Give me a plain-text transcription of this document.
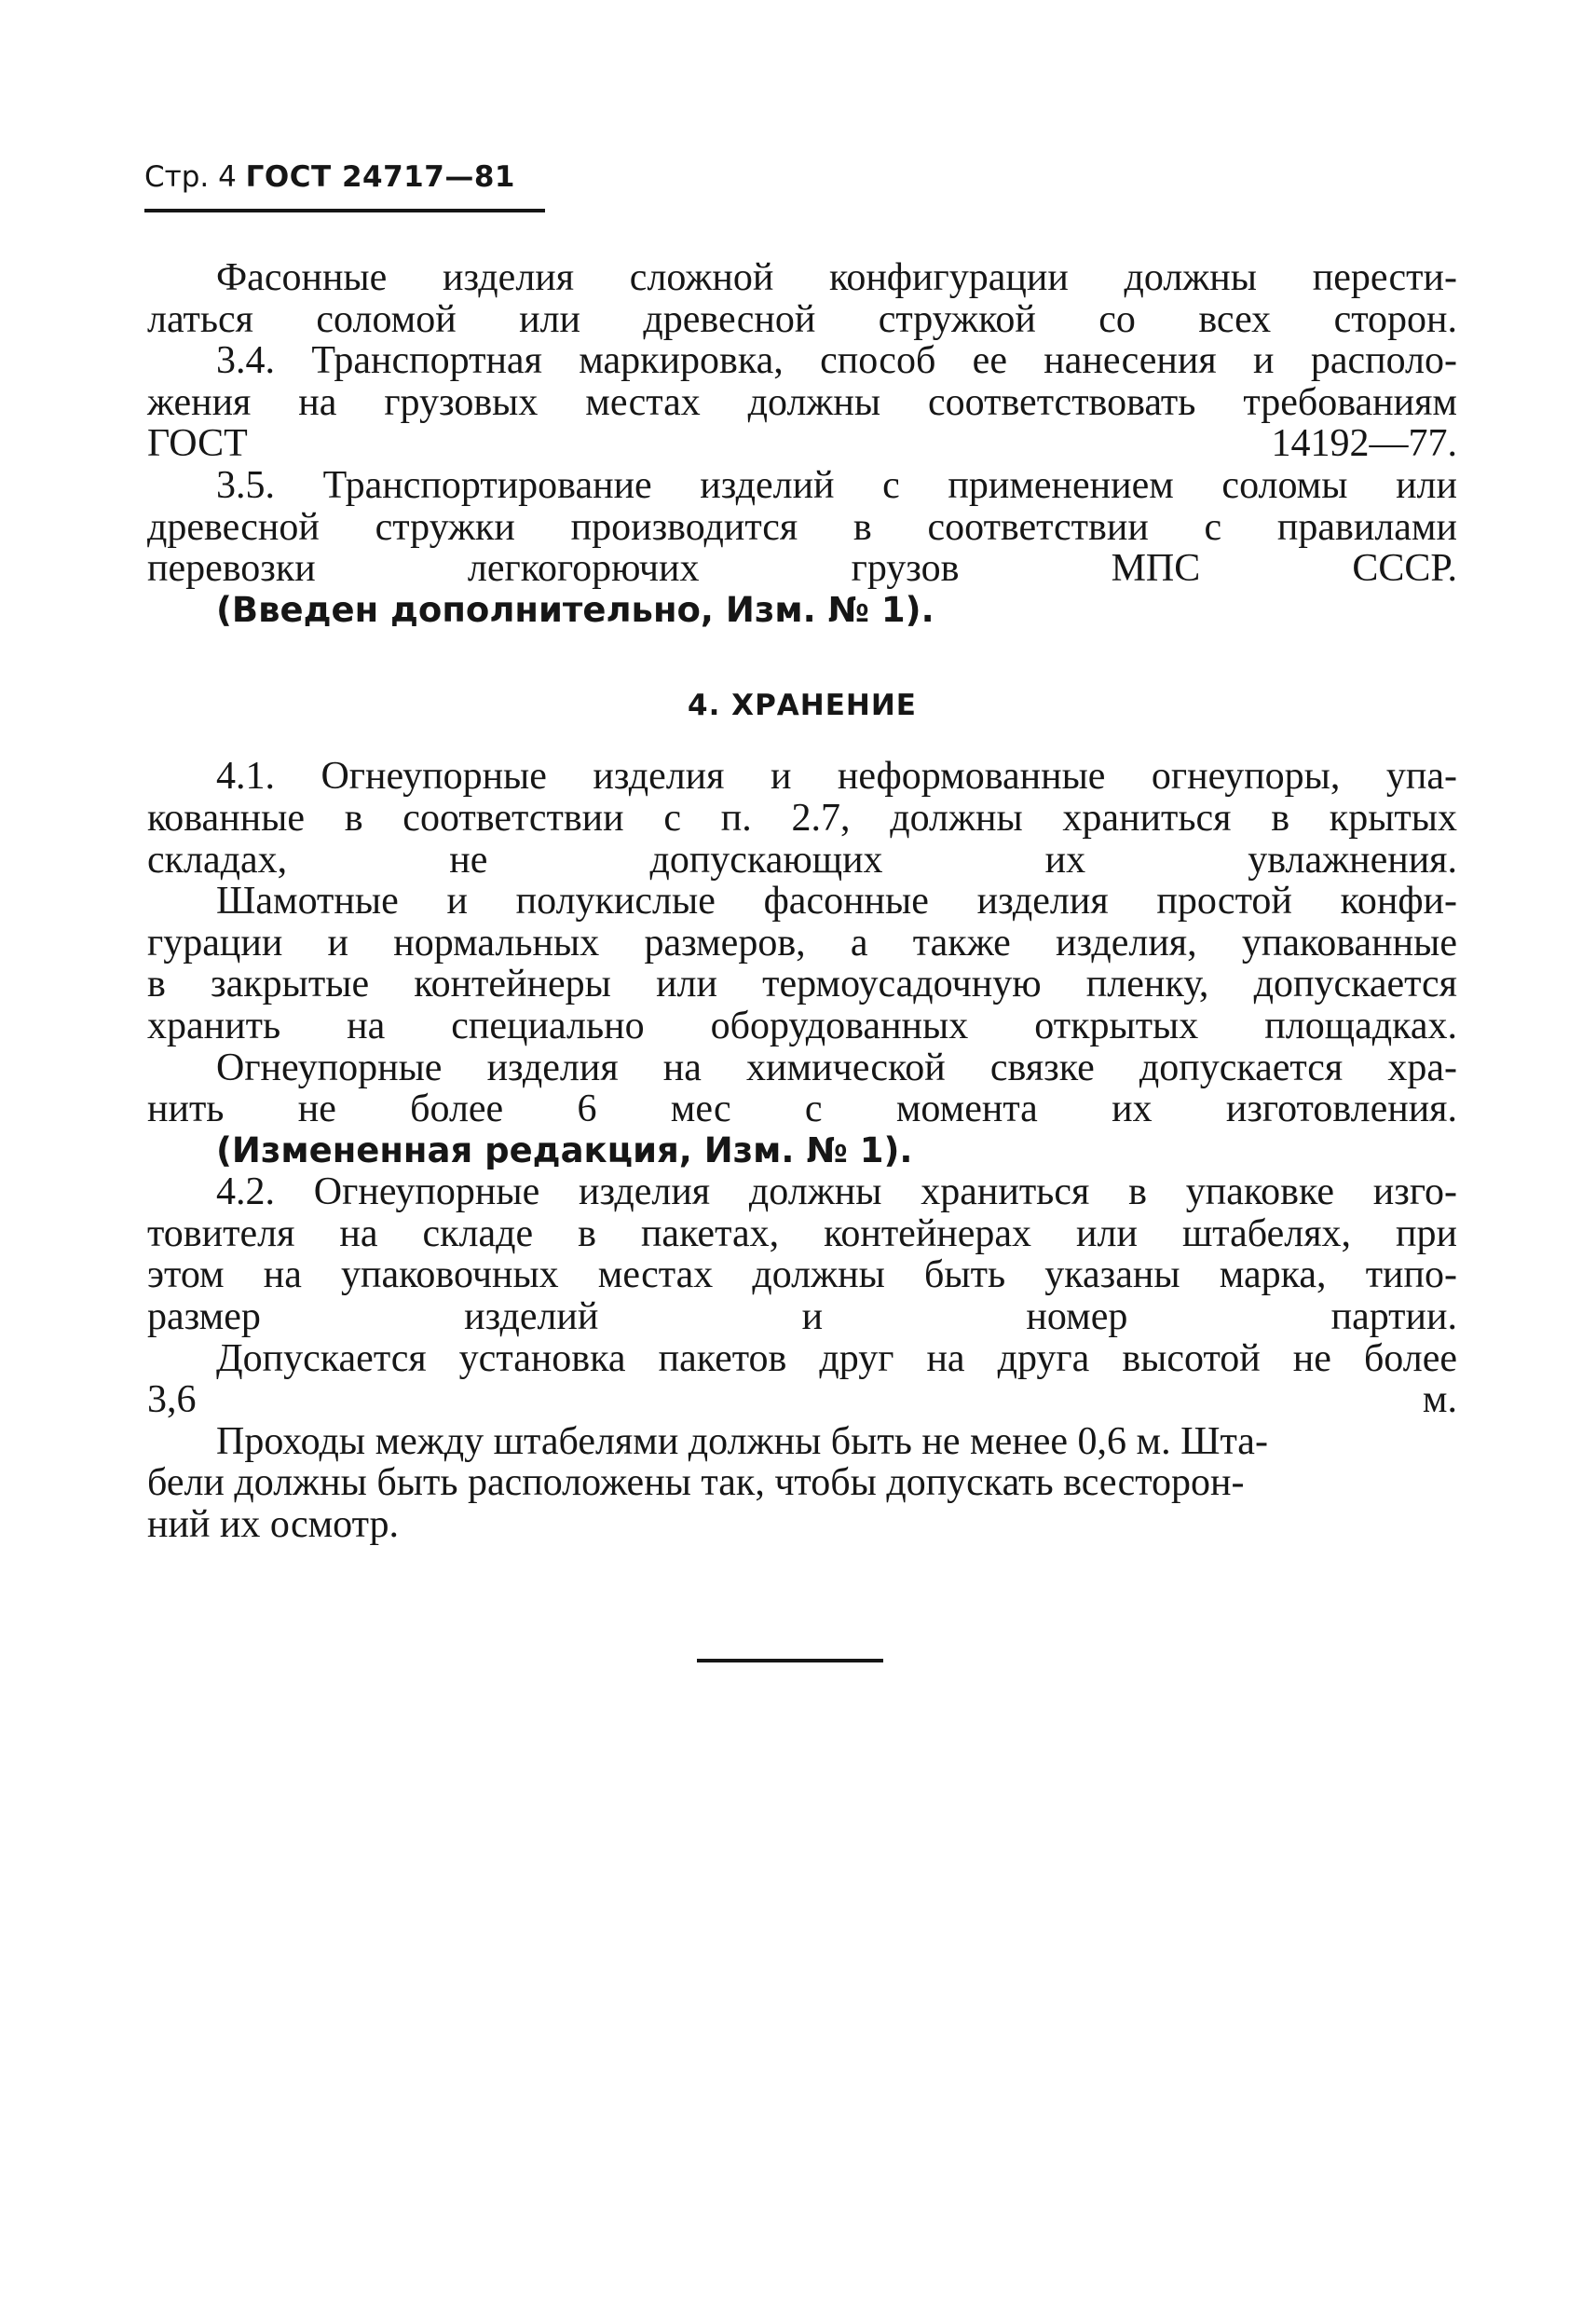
Стр. 4 ГОСТ 24717—81

Фасонные изделия сложной конфигурации должны перести-
латься соломой или древесной стружкой со всех сторон.

3.4. Транспортная маркировка, способ ее нанесения и располо-
жения на грузовых местах должны соответствовать требованиям
ГОСТ 14192—77.

3.5. Транспортирование изделий с применением соломы или
древесной стружки производится в соответствии с правилами
перевозки легкогорючих грузов МПС СССР.

(Введен дополнительно, Изм. № 1).

4. ХРАНЕНИЕ

4.1. Огнеупорные изделия и неформованные огнеупоры, упа-
кованные в соответствии с п. 2.7, должны храниться в крытых
складах, не допускающих их увлажнения.

Шамотные и полукислые фасонные изделия простой конфи-
гурации и нормальных размеров, а также изделия, упакованные
в закрытые контейнеры или термоусадочную пленку, допускается
хранить на специально оборудованных открытых площадках.

Огнеупорные изделия на химической связке допускается хра-
нить не более 6 мес с момента их изготовления.

(Измененная редакция, Изм. № 1).

4.2. Огнеупорные изделия должны храниться в упаковке изго-
товителя на складе в пакетах, контейнерах или штабелях, при
этом на упаковочных местах должны быть указаны марка, типо-
размер изделий и номер партии.

Допускается установка пакетов друг на друга высотой не более
3,6 м.

Проходы между штабелями должны быть не менее 0,6 м. Шта-
бели должны быть расположены так, чтобы допускать всесторон-
ний их осмотр.
